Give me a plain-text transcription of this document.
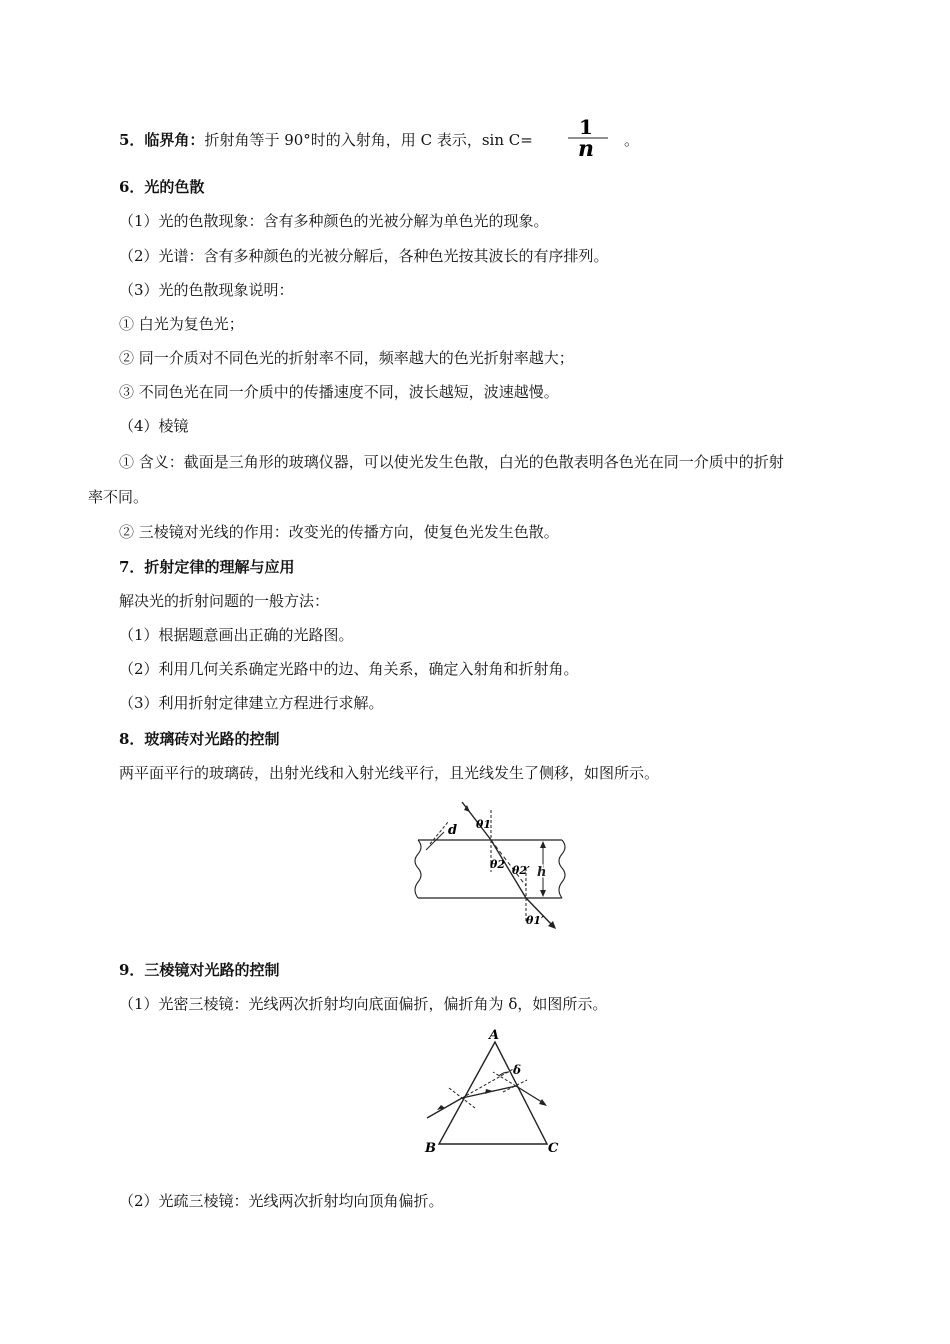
5．临界角：折射角等于 90°时的入射角，用 C 表示，sin C=
1
n 。
6．光的色散
（1）光的色散现象：含有多种颜色的光被分解为单色光的现象。
（2）光谱：含有多种颜色的光被分解后，各种色光按其波长的有序排列。
（3）光的色散现象说明：
① 白光为复色光；
② 同一介质对不同色光的折射率不同，频率越大的色光折射率越大；
③ 不同色光在同一介质中的传播速度不同，波长越短，波速越慢。
（4）棱镜
① 含义：截面是三角形的玻璃仪器，可以使光发生色散，白光的色散表明各色光在同一介质中的折射
率不同。
② 三棱镜对光线的作用：改变光的传播方向，使复色光发生色散。
7．折射定律的理解与应用
解决光的折射问题的一般方法：
（1）根据题意画出正确的光路图。
（2）利用几何关系确定光路中的边、角关系，确定入射角和折射角。
（3）利用折射定律建立方程进行求解。
8．玻璃砖对光路的控制
两平面平行的玻璃砖，出射光线和入射光线平行，且光线发生了侧移，如图所示。
d θ1
θ2 θ2′
θ1′
h
9．三棱镜对光路的控制
（1）光密三棱镜：光线两次折射均向底面偏折，偏折角为 δ，如图所示。
A
B	C
δ
（2）光疏三棱镜：光线两次折射均向顶角偏折。
